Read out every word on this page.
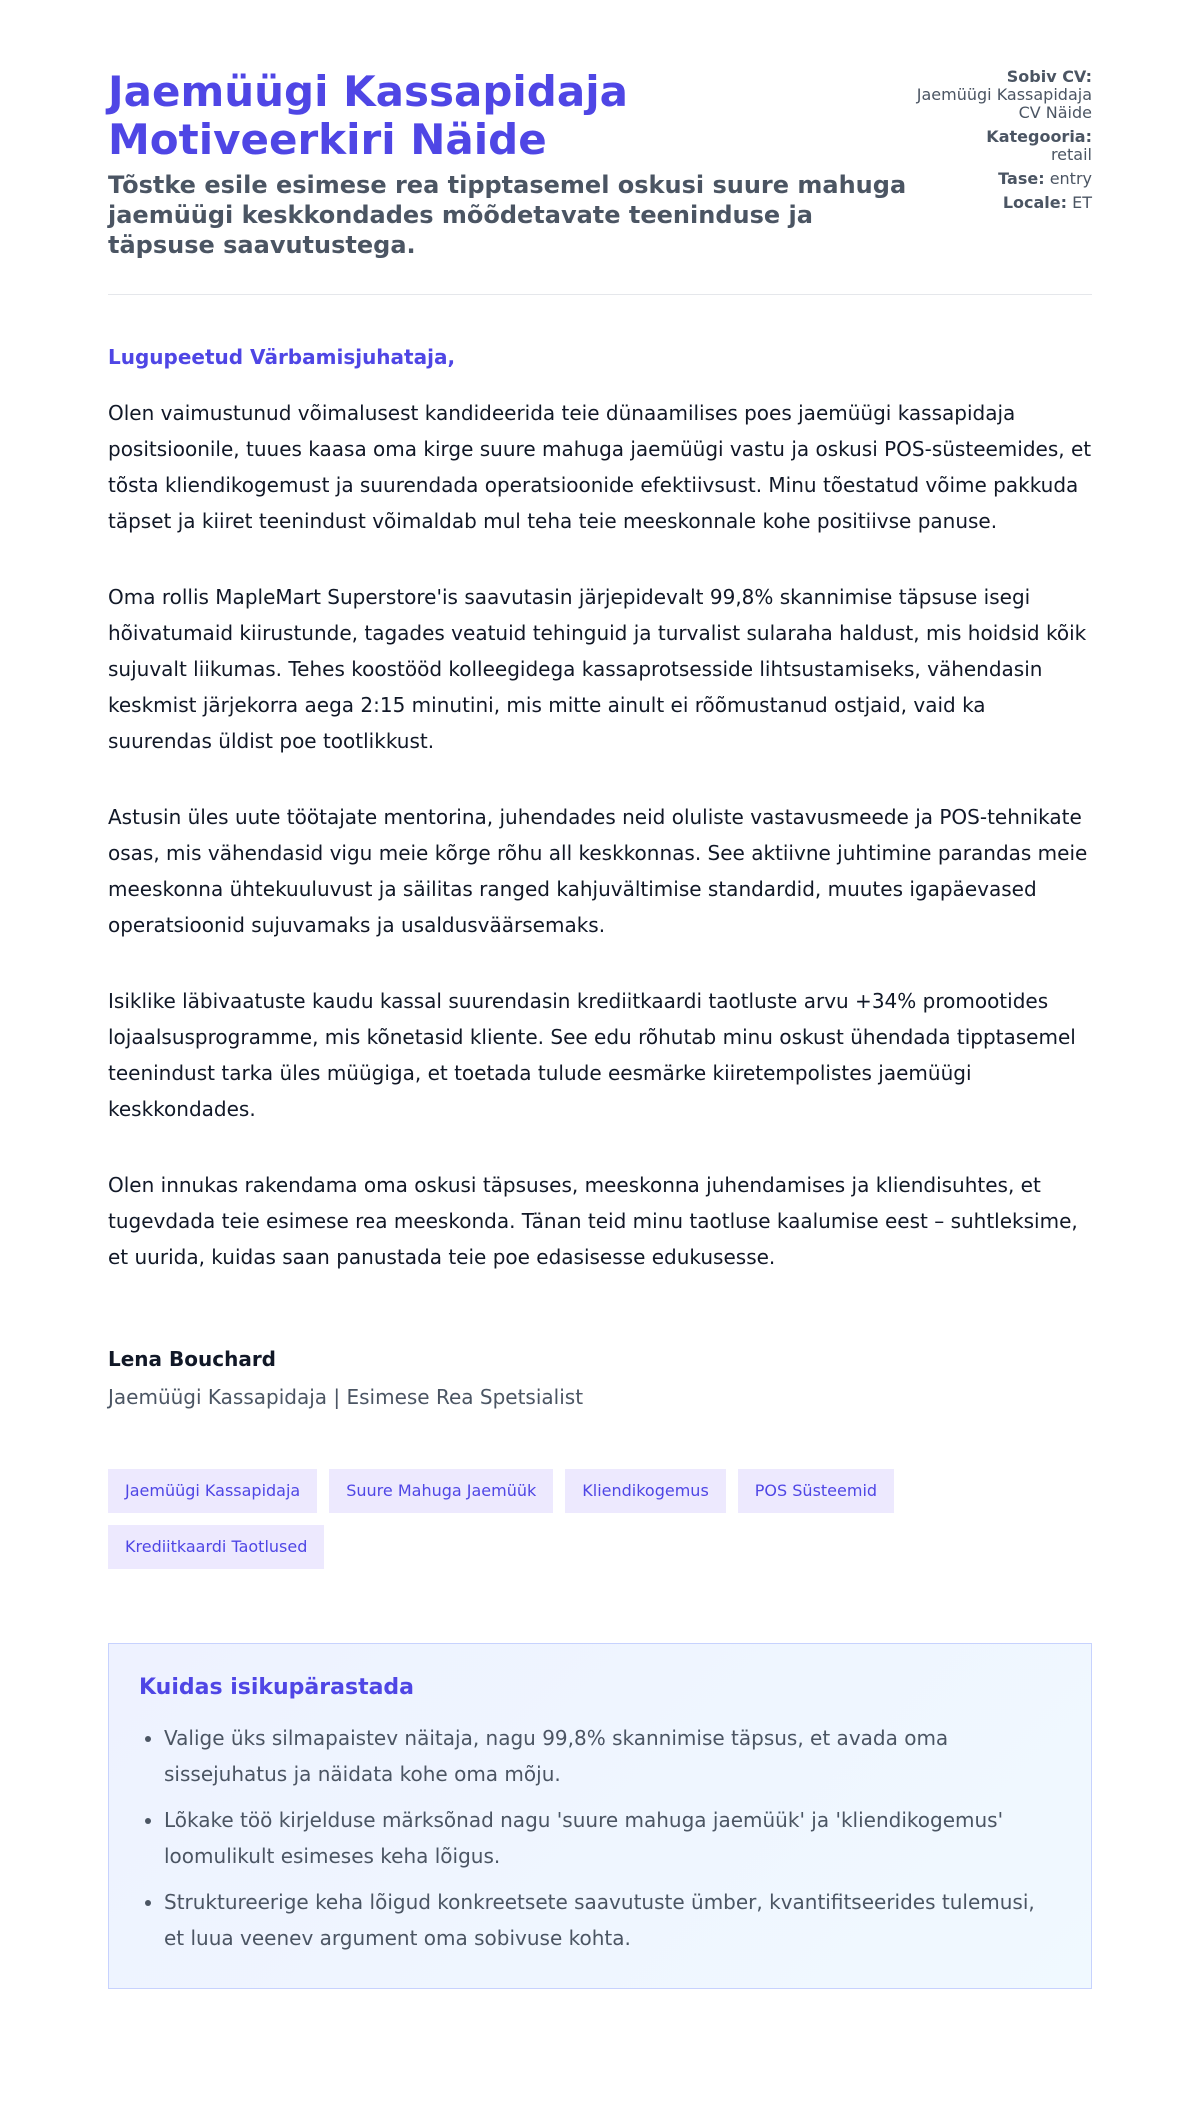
Jaemüügi Kassapidaja Motiveerkiri Näide

Tõstke esile esimese rea tipptasemel oskusi suure mahuga jaemüügi keskkondades mõõdetavate teeninduse ja täpsuse saavutustega.

Sobiv CV:
Jaemüügi Kassapidaja CV Näide
Kategooria:
retail
Tase: entry
Locale: ET

Lugupeetud Värbamisjuhataja,

Olen vaimustunud võimalusest kandideerida teie dünaamilises poes jaemüügi kassapidaja positsioonile, tuues kaasa oma kirge suure mahuga jaemüügi vastu ja oskusi POS-süsteemides, et tõsta kliendikogemust ja suurendada operatsioonide efektiivsust. Minu tõestatud võime pakkuda täpset ja kiiret teenindust võimaldab mul teha teie meeskonnale kohe positiivse panuse.

Oma rollis MapleMart Superstore'is saavutasin järjepidevalt 99,8% skannimise täpsuse isegi hõivatumaid kiirustunde, tagades veatuid tehinguid ja turvalist sularaha haldust, mis hoidsid kõik sujuvalt liikumas. Tehes koostööd kolleegidega kassaprotsesside lihtsustamiseks, vähendasin keskmist järjekorra aega 2:15 minutini, mis mitte ainult ei rõõmustanud ostjaid, vaid ka suurendas üldist poe tootlikkust.

Astusin üles uute töötajate mentorina, juhendades neid oluliste vastavusmeede ja POS-tehnikate osas, mis vähendasid vigu meie kõrge rõhu all keskkonnas. See aktiivne juhtimine parandas meie meeskonna ühtekuuluvust ja säilitas ranged kahjuvältimise standardid, muutes igapäevased operatsioonid sujuvamaks ja usaldusväärsemaks.

Isiklike läbivaatuste kaudu kassal suurendasin krediitkaardi taotluste arvu +34% promootides lojaalsusprogramme, mis kõnetasid kliente. See edu rõhutab minu oskust ühendada tipptasemel teenindust tarka üles müügiga, et toetada tulude eesmärke kiiretempolistes jaemüügi keskkondades.

Olen innukas rakendama oma oskusi täpsuses, meeskonna juhendamises ja kliendisuhtes, et tugevdada teie esimese rea meeskonda. Tänan teid minu taotluse kaalumise eest – suhtleksime, et uurida, kuidas saan panustada teie poe edasisesse edukusesse.

Lena Bouchard
Jaemüügi Kassapidaja | Esimese Rea Spetsialist
Jaemüügi Kassapidaja	Suure Mahuga Jaemüük	Kliendikogemus	POS Süsteemid
Krediitkaardi Taotlused
Kuidas isikupärastada
• Valige üks silmapaistev näitaja, nagu 99,8% skannimise täpsus, et avada oma sissejuhatus ja näidata kohe oma mõju.
• Lõkake töö kirjelduse märksõnad nagu 'suure mahuga jaemüük' ja 'kliendikogemus' loomulikult esimeses keha lõigus.
• Struktureerige keha lõigud konkreetsete saavutuste ümber, kvantifitseerides tulemusi, et luua veenev argument oma sobivuse kohta.
